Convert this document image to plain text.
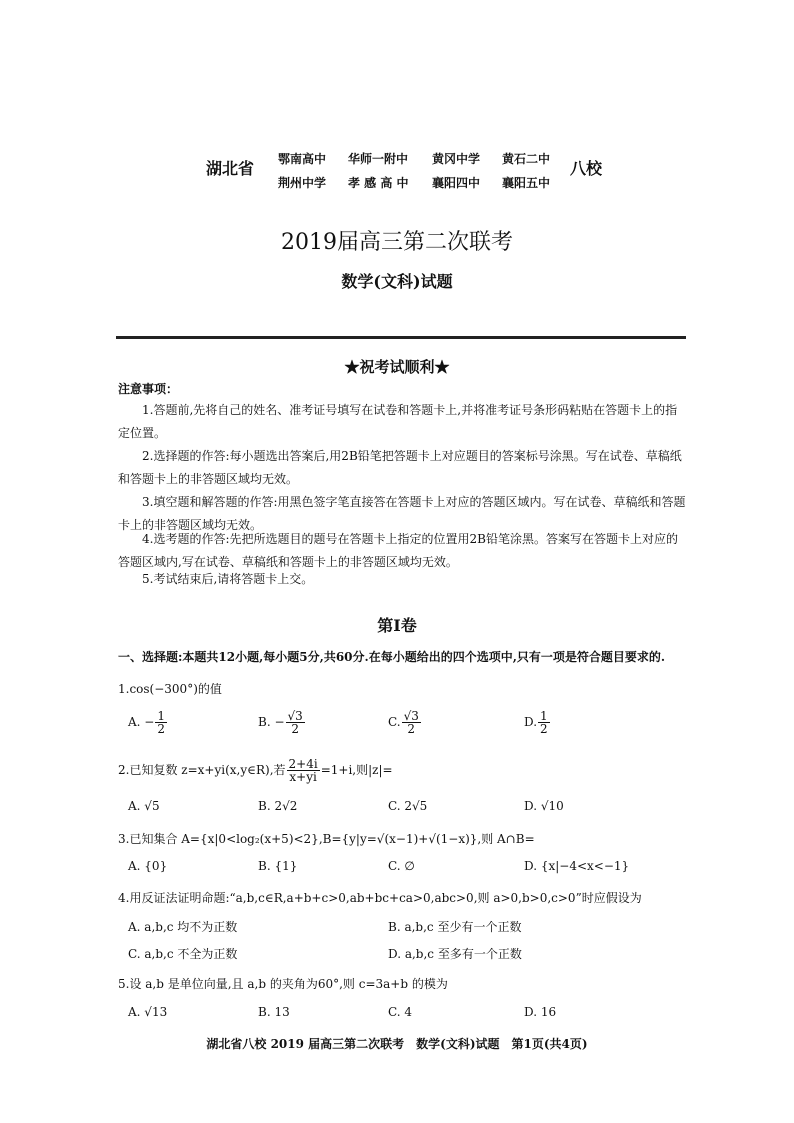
湖北省 鄂南高中 华师一附中 黄冈中学 黄石二中
荆州中学 孝 感 高 中 襄阳四中 襄阳五中
八校
2019届高三第二次联考
数学(文科)试题
★祝考试顺利★
注意事项：

1.答题前,先将自己的姓名、准考证号填写在试卷和答题卡上,并将准考证号条形码粘贴在答题卡上的指定位置。

2.选择题的作答:每小题选出答案后,用2B铅笔把答题卡上对应题目的答案标号涂黑。写在试卷、草稿纸和答题卡上的非答题区域均无效。

3.填空题和解答题的作答:用黑色签字笔直接答在答题卡上对应的答题区域内。写在试卷、草稿纸和答题卡上的非答题区域均无效。

4.选考题的作答:先把所选题目的题号在答题卡上指定的位置用2B铅笔涂黑。答案写在答题卡上对应的答题区域内,写在试卷、草稿纸和答题卡上的非答题区域均无效。

5.考试结束后,请将答题卡上交。

第Ⅰ卷
一、选择题:本题共12小题,每小题5分,共60分.在每小题给出的四个选项中,只有一项是符合题目要求的.
1.cos(−300°)的值
A. − $\frac{1}{2}$	B. − $\frac{√3}{2}$	C. $\frac{√3}{2}$	D. $\frac{1}{2}$
2.已知复数 z=x+yi(x,y∈R),若 $\frac{2+4i}{x+yi} =1+i$,则|z|=
A. √5	B. 2√2	C. 2√5	D. √10
3.已知集合 A={x|0<log₂(x+5)<2},B={y|y=√(x−1)+√(1−x)},则 A∩B=
A. {0}	B. {1}	C. ∅	D. {x|−4<x<−1}
4.用反证法证明命题:“a,b,c∈R,a+b+c>0,ab+bc+ca>0,abc>0,则 a>0,b>0,c>0”时应假设为
A. a,b,c 均不为正数	B. a,b,c 至少有一个正数
C. a,b,c 不全为正数	D. a,b,c 至多有一个正数
5.设 a,b 是单位向量,且 a,b 的夹角为60°,则 c=3a+b 的模为
A. √13	B. 13	C. 4	D. 16
湖北省八校 2019 届高三第二次联考　数学(文科)试题　第1页(共4页)
